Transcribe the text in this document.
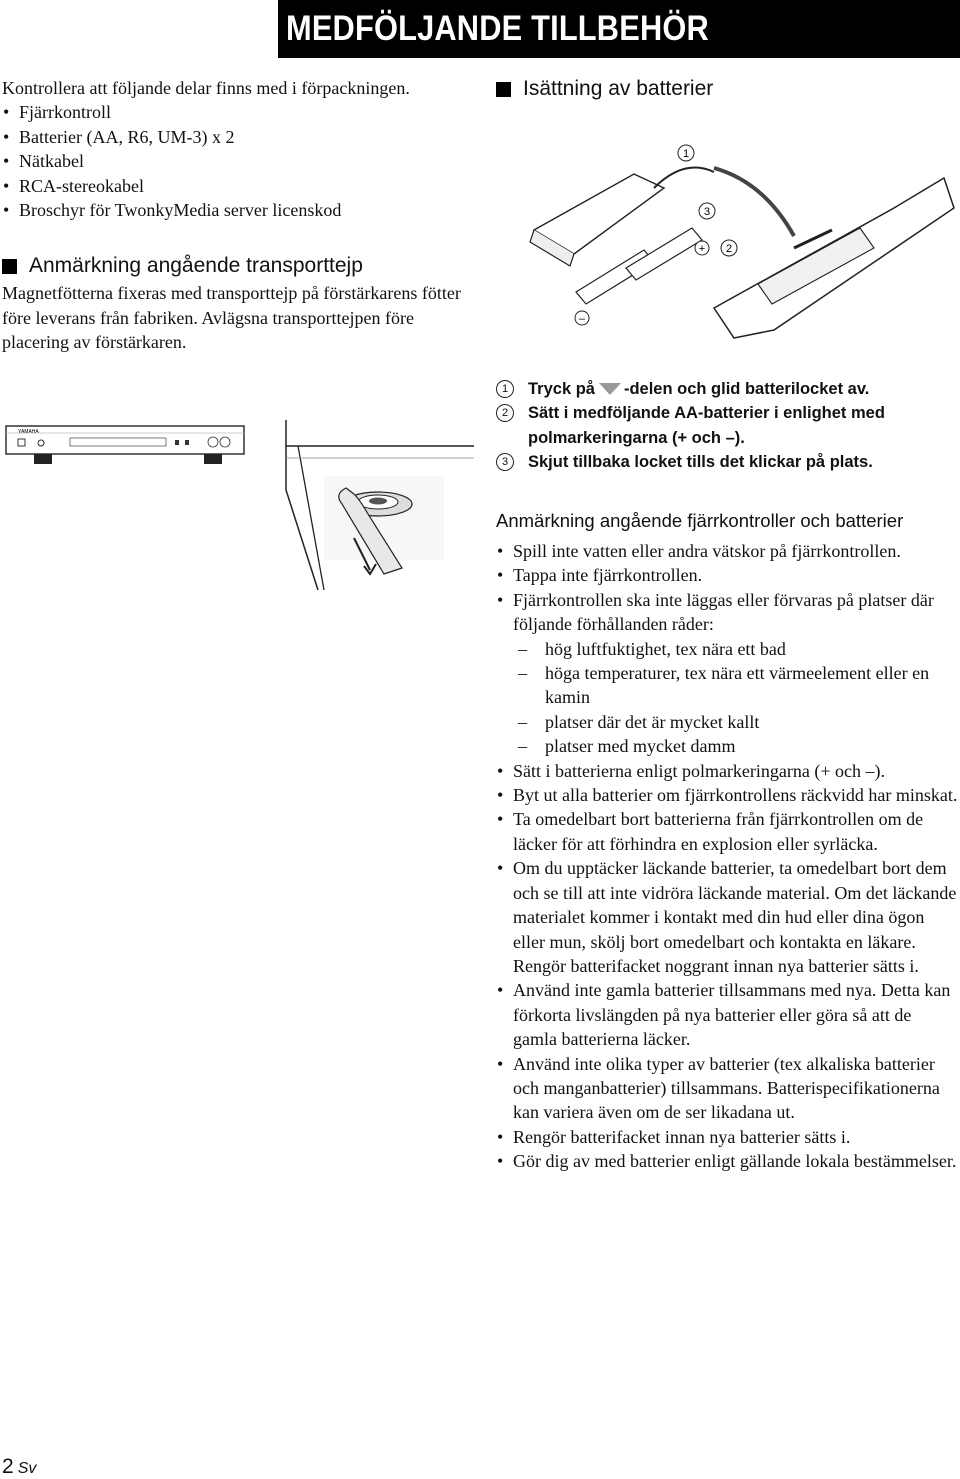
MEDFÖLJANDE TILLBEHÖR

Kontrollera att följande delar finns med i förpackningen.

• Fjärrkontroll
• Batterier (AA, R6, UM-3) x 2
• Nätkabel
• RCA-stereokabel
• Broschyr för TwonkyMedia server licenskod
Anmärkning angående transporttejp

Magnetfötterna fixeras med transporttejp på förstärkarens fötter före leverans från fabriken. Avlägsna transporttejpen före placering av förstärkaren.

YAMAHA
Isättning av batterier
1
3
2
+
–
1	Tryck på -delen och glid batterilocket av.
2	Sätt i medföljande AA-batterier i enlighet med polmarkeringarna (+ och –).
3	Skjut tillbaka locket tills det klickar på plats.

Anmärkning angående fjärrkontroller och batterier

• Spill inte vatten eller andra vätskor på fjärrkontrollen.
• Tappa inte fjärrkontrollen.
• Fjärrkontrollen ska inte läggas eller förvaras på platser där följande förhållanden råder:
– hög luftfuktighet, tex nära ett bad
– höga temperaturer, tex nära ett värmeelement eller en kamin
– platser där det är mycket kallt
– platser med mycket damm
• Sätt i batterierna enligt polmarkeringarna (+ och –).
• Byt ut alla batterier om fjärrkontrollens räckvidd har minskat.
• Ta omedelbart bort batterierna från fjärrkontrollen om de läcker för att förhindra en explosion eller syrläcka.
• Om du upptäcker läckande batterier, ta omedelbart bort dem och se till att inte vidröra läckande material. Om det läckande materialet kommer i kontakt med din hud eller dina ögon eller mun, skölj bort omedelbart och kontakta en läkare. Rengör batterifacket noggrant innan nya batterier sätts i.
• Använd inte gamla batterier tillsammans med nya. Detta kan förkorta livslängden på nya batterier eller göra så att de gamla batterierna läcker.
• Använd inte olika typer av batterier (tex alkaliska batterier och manganbatterier) tillsammans. Batterispecifikationerna kan variera även om de ser likadana ut.
• Rengör batterifacket innan nya batterier sätts i.
• Gör dig av med batterier enligt gällande lokala bestämmelser.
2 Sv
